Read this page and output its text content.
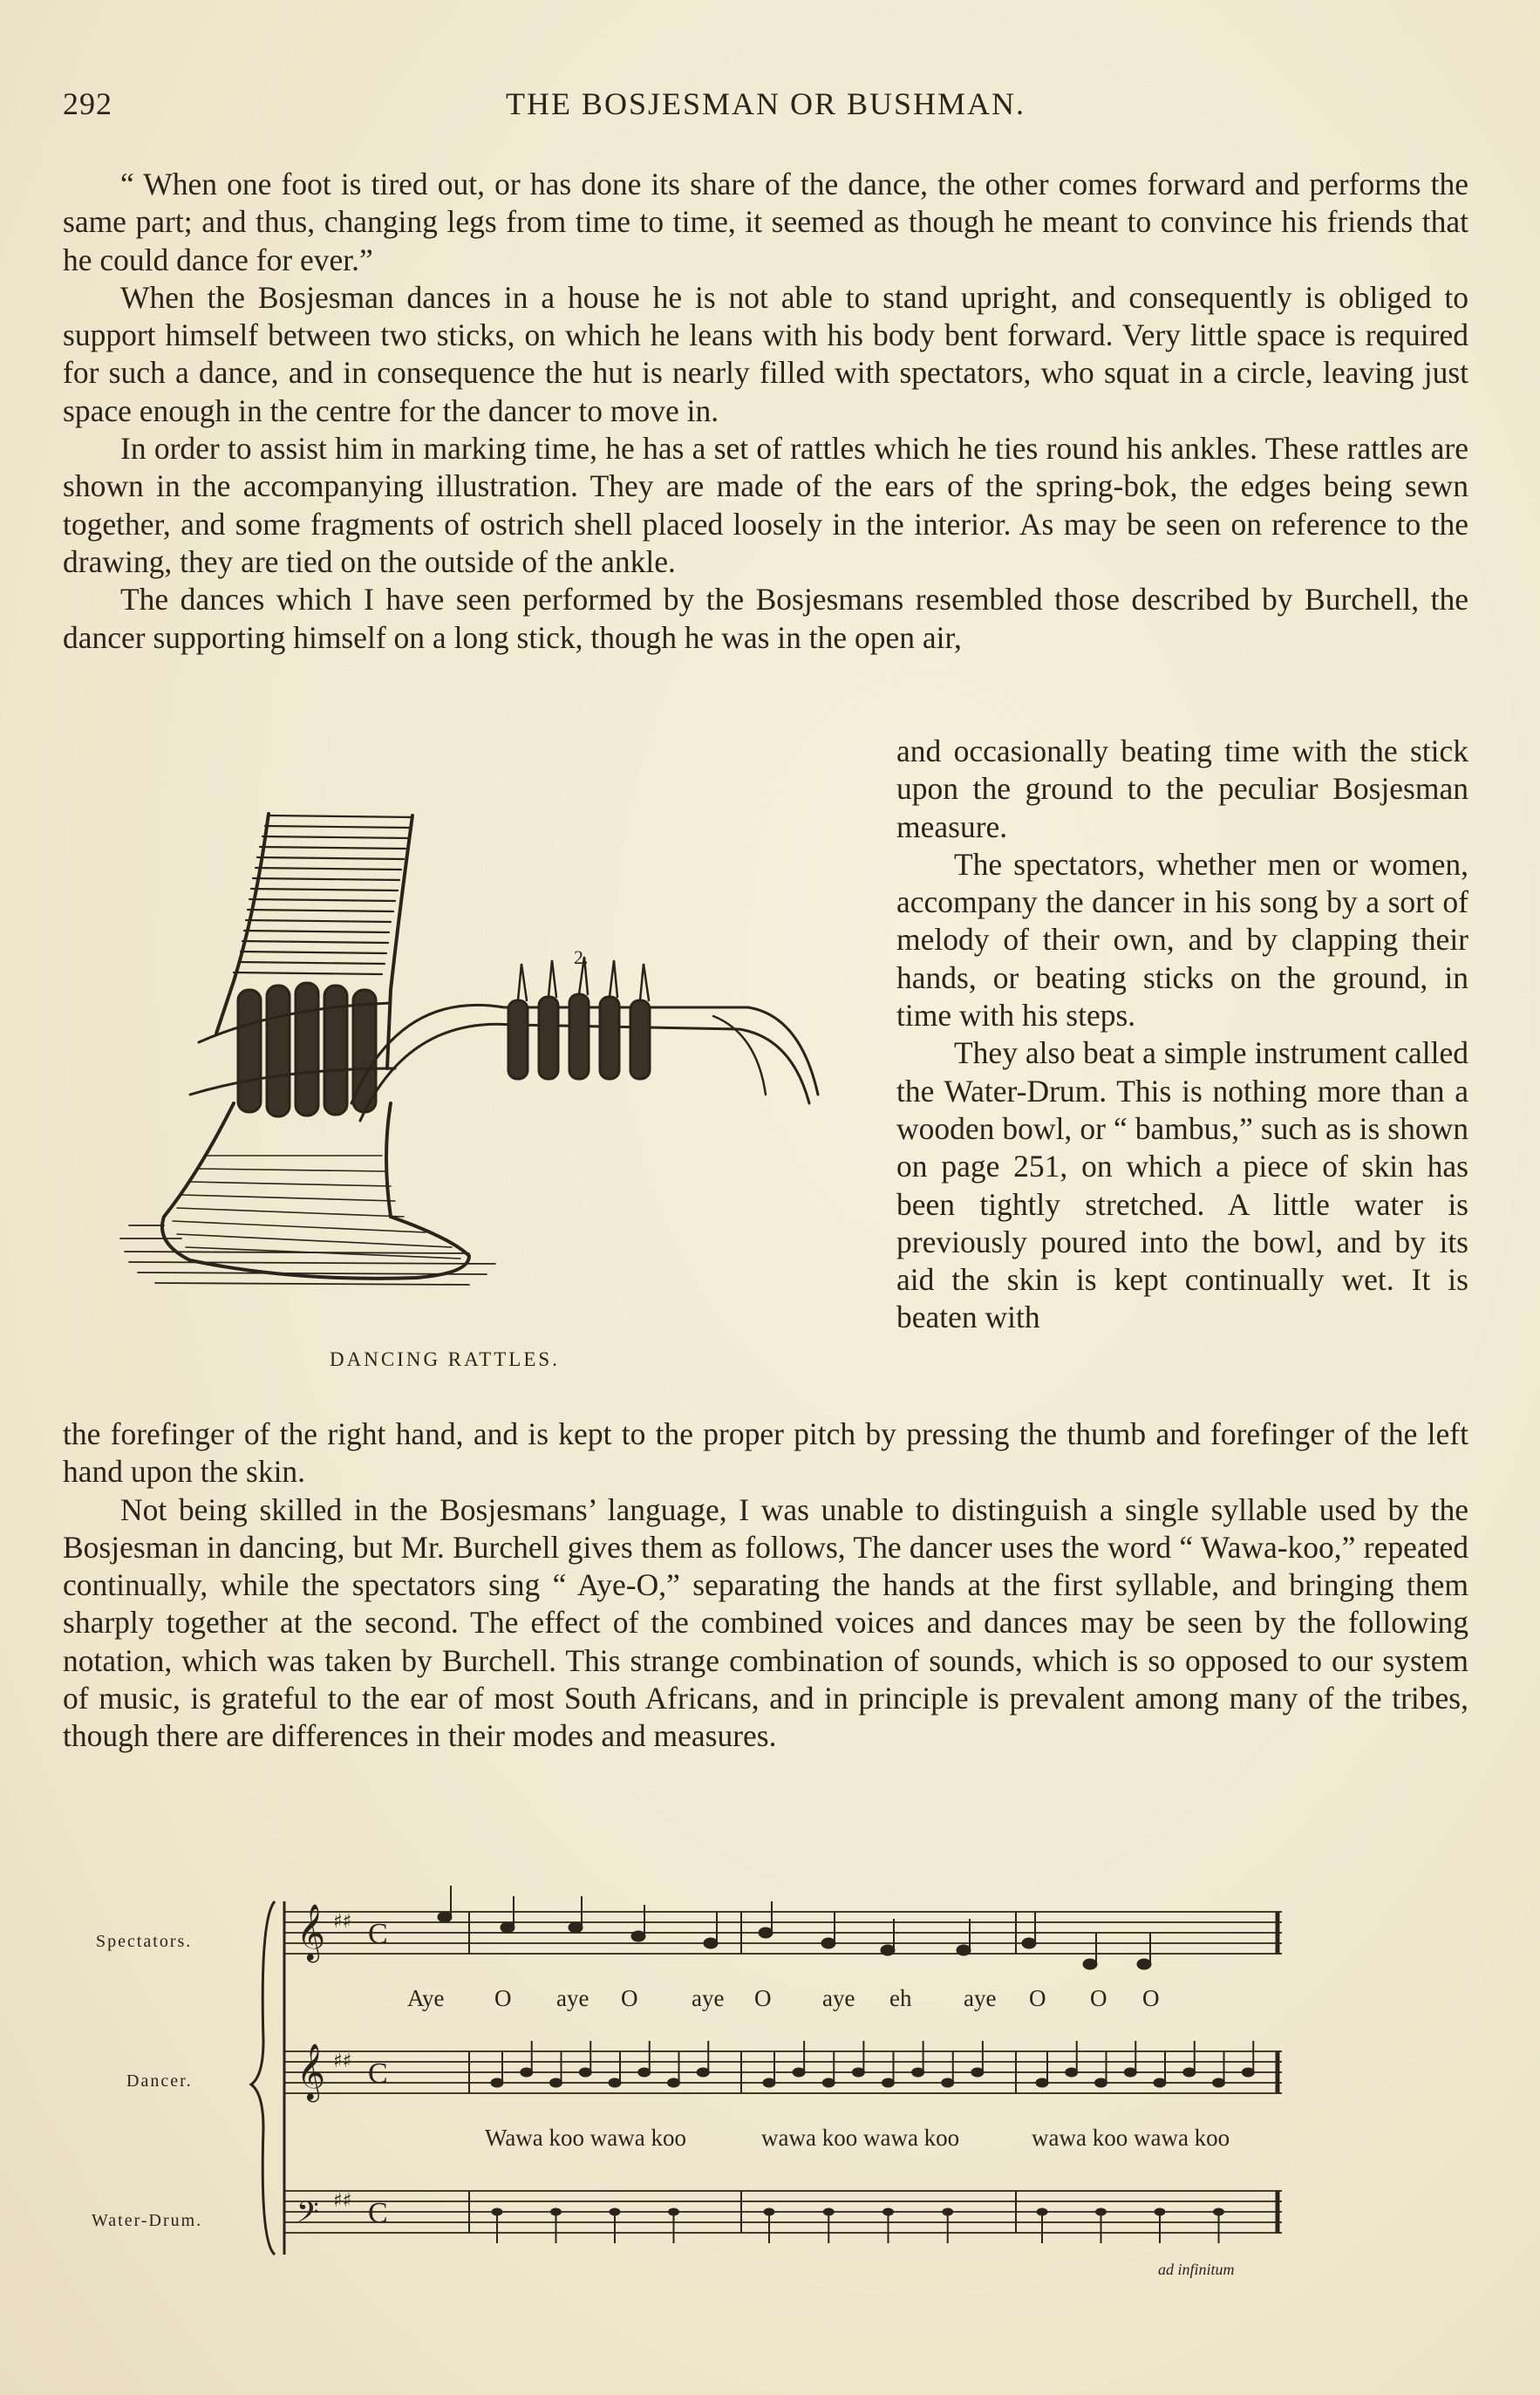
292	THE BOSJESMAN OR BUSHMAN.

“ When one foot is tired out, or has done its share of the dance, the other comes forward and performs the same part; and thus, changing legs from time to time, it seemed as though he meant to convince his friends that he could dance for ever.”

When the Bosjesman dances in a house he is not able to stand upright, and consequently is obliged to support himself between two sticks, on which he leans with his body bent forward. Very little space is required for such a dance, and in consequence the hut is nearly filled with spectators, who squat in a circle, leaving just space enough in the centre for the dancer to move in.

In order to assist him in marking time, he has a set of rattles which he ties round his ankles. These rattles are shown in the accompanying illustration. They are made of the ears of the spring-bok, the edges being sewn together, and some fragments of ostrich shell placed loosely in the interior. As may be seen on reference to the drawing, they are tied on the outside of the ankle.

The dances which I have seen performed by the Bosjesmans resembled those described by Burchell, the dancer supporting himself on a long stick, though he was in the open air,

2.
DANCING RATTLES.

and occasionally beating time with the stick upon the ground to the peculiar Bosjesman measure.

The spectators, whether men or women, accompany the dancer in his song by a sort of melody of their own, and by clapping their hands, or beating sticks on the ground, in time with his steps.

They also beat a simple instrument called the Water-Drum. This is nothing more than a wooden bowl, or “ bambus,” such as is shown on page 251, on which a piece of skin has been tightly stretched. A little water is previously poured into the bowl, and by its aid the skin is kept continually wet. It is beaten with

the forefinger of the right hand, and is kept to the proper pitch by pressing the thumb and forefinger of the left hand upon the skin.

Not being skilled in the Bosjesmans’ language, I was unable to distinguish a single syllable used by the Bosjesman in dancing, but Mr. Burchell gives them as follows, The dancer uses the word “ Wawa-koo,” repeated continually, while the spectators sing “ Aye-O,” separating the hands at the first syllable, and bringing them sharply together at the second. The effect of the combined voices and dances may be seen by the following notation, which was taken by Burchell. This strange combination of sounds, which is so opposed to our system of music, is grateful to the ear of most South Africans, and in principle is prevalent among many of the tribes, though there are differences in their modes and measures.

Spectators.
Dancer.
Water-Drum.
𝄞 ♯♯ C
𝄞 ♯♯ C
𝄢 ♯♯ C
Aye O aye O aye O aye eh aye O O O
Wawa koo wawa koo	wawa koo wawa koo	wawa koo wawa koo
ad infinitum
